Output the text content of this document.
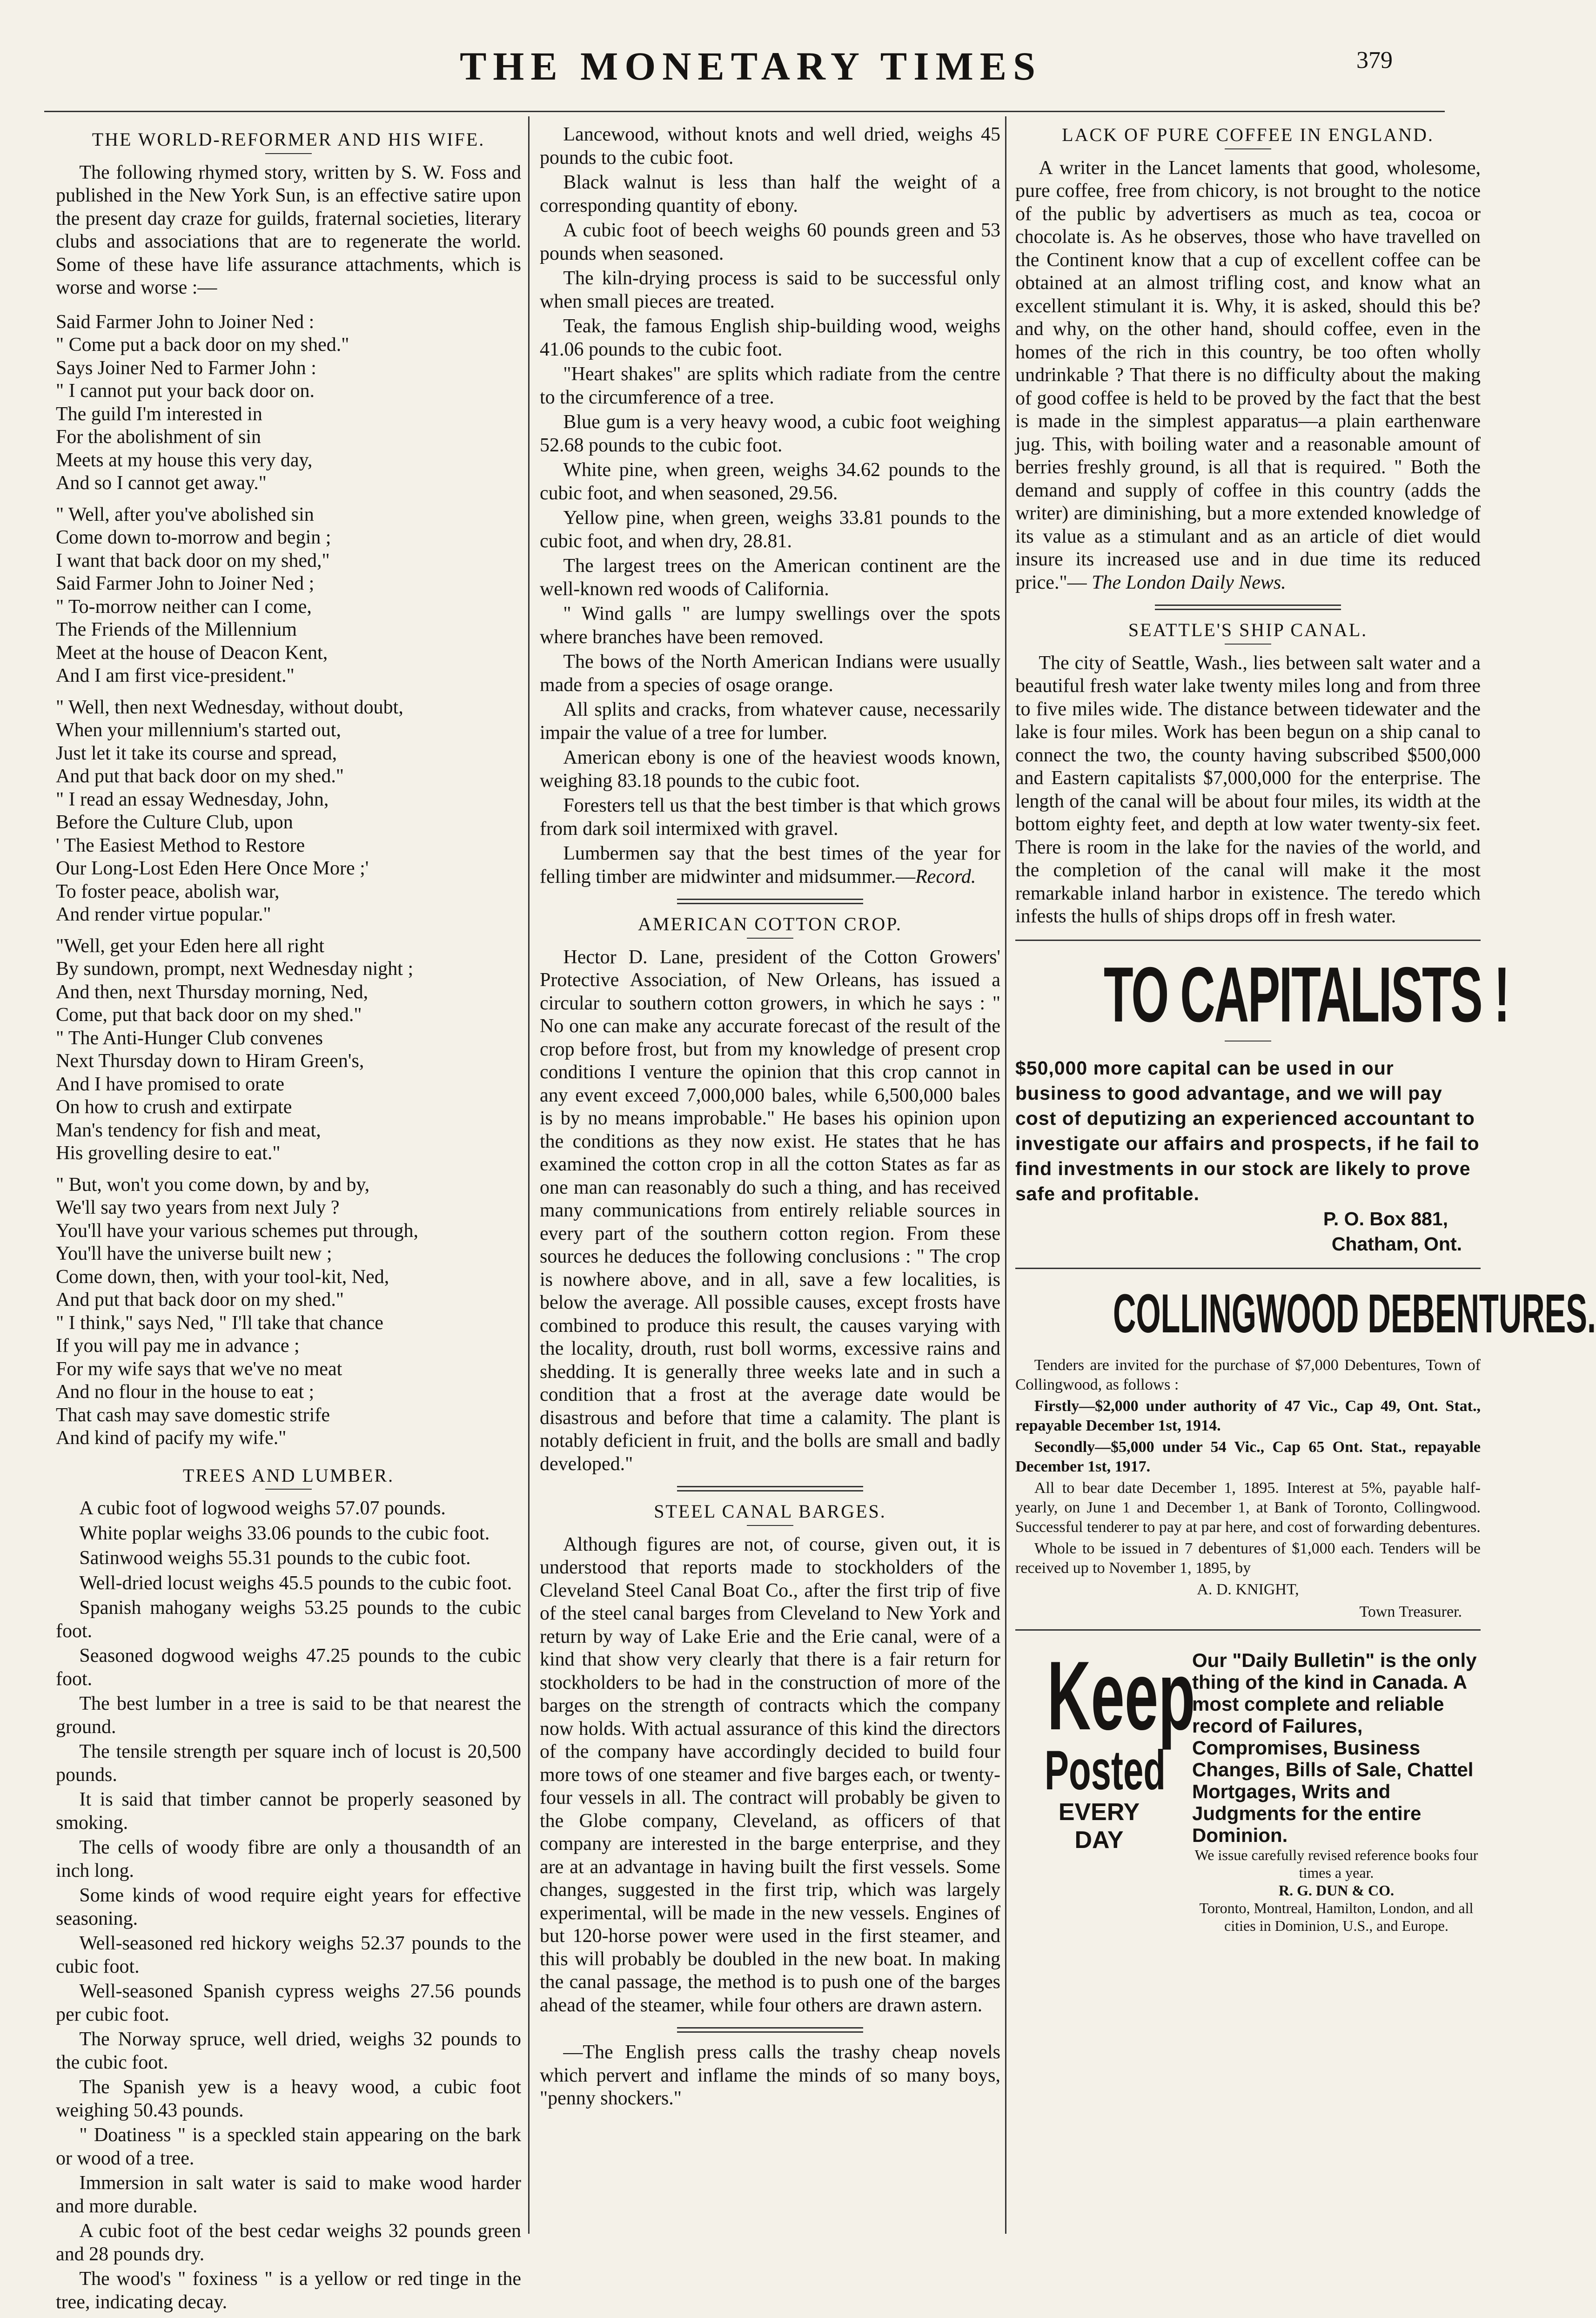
THE MONETARY TIMES	379
THE WORLD-REFORMER AND HIS WIFE.

The following rhymed story, written by S. W. Foss and published in the New York Sun, is an effective satire upon the present day craze for guilds, fraternal societies, literary clubs and associations that are to regenerate the world. Some of these have life assurance attachments, which is worse and worse :—

Said Farmer John to Joiner Ned :
" Come put a back door on my shed."
Says Joiner Ned to Farmer John :
" I cannot put your back door on.
The guild I'm interested in
For the abolishment of sin
Meets at my house this very day,
And so I cannot get away."
" Well, after you've abolished sin
Come down to-morrow and begin ;
I want that back door on my shed,"
Said Farmer John to Joiner Ned ;
" To-morrow neither can I come,
The Friends of the Millennium
Meet at the house of Deacon Kent,
And I am first vice-president."
" Well, then next Wednesday, without doubt,
When your millennium's started out,
Just let it take its course and spread,
And put that back door on my shed."
" I read an essay Wednesday, John,
Before the Culture Club, upon
' The Easiest Method to Restore
Our Long-Lost Eden Here Once More ;'
To foster peace, abolish war,
And render virtue popular."
"Well, get your Eden here all right
By sundown, prompt, next Wednesday night ;
And then, next Thursday morning, Ned,
Come, put that back door on my shed."
" The Anti-Hunger Club convenes
Next Thursday down to Hiram Green's,
And I have promised to orate
On how to crush and extirpate
Man's tendency for fish and meat,
His grovelling desire to eat."
" But, won't you come down, by and by,
We'll say two years from next July ?
You'll have your various schemes put through,
You'll have the universe built new ;
Come down, then, with your tool-kit, Ned,
And put that back door on my shed."
" I think," says Ned, " I'll take that chance
If you will pay me in advance ;
For my wife says that we've no meat
And no flour in the house to eat ;
That cash may save domestic strife
And kind of pacify my wife."
TREES AND LUMBER.

A cubic foot of logwood weighs 57.07 pounds.

White poplar weighs 33.06 pounds to the cubic foot.

Satinwood weighs 55.31 pounds to the cubic foot.

Well-dried locust weighs 45.5 pounds to the cubic foot.

Spanish mahogany weighs 53.25 pounds to the cubic foot.

Seasoned dogwood weighs 47.25 pounds to the cubic foot.

The best lumber in a tree is said to be that nearest the ground.

The tensile strength per square inch of locust is 20,500 pounds.

It is said that timber cannot be properly seasoned by smoking.

The cells of woody fibre are only a thousandth of an inch long.

Some kinds of wood require eight years for effective seasoning.

Well-seasoned red hickory weighs 52.37 pounds to the cubic foot.

Well-seasoned Spanish cypress weighs 27.56 pounds per cubic foot.

The Norway spruce, well dried, weighs 32 pounds to the cubic foot.

The Spanish yew is a heavy wood, a cubic foot weighing 50.43 pounds.

" Doatiness " is a speckled stain appearing on the bark or wood of a tree.

Immersion in salt water is said to make wood harder and more durable.

A cubic foot of the best cedar weighs 32 pounds green and 28 pounds dry.

The wood's " foxiness " is a yellow or red tinge in the tree, indicating decay.

Lancewood, without knots and well dried, weighs 45 pounds to the cubic foot.

Black walnut is less than half the weight of a corresponding quantity of ebony.

A cubic foot of beech weighs 60 pounds green and 53 pounds when seasoned.

The kiln-drying process is said to be successful only when small pieces are treated.

Teak, the famous English ship-building wood, weighs 41.06 pounds to the cubic foot.

"Heart shakes" are splits which radiate from the centre to the circumference of a tree.

Blue gum is a very heavy wood, a cubic foot weighing 52.68 pounds to the cubic foot.

White pine, when green, weighs 34.62 pounds to the cubic foot, and when seasoned, 29.56.

Yellow pine, when green, weighs 33.81 pounds to the cubic foot, and when dry, 28.81.

The largest trees on the American continent are the well-known red woods of California.

" Wind galls " are lumpy swellings over the spots where branches have been removed.

The bows of the North American Indians were usually made from a species of osage orange.

All splits and cracks, from whatever cause, necessarily impair the value of a tree for lumber.

American ebony is one of the heaviest woods known, weighing 83.18 pounds to the cubic foot.

Foresters tell us that the best timber is that which grows from dark soil intermixed with gravel.

Lumbermen say that the best times of the year for felling timber are midwinter and midsummer.—Record.

AMERICAN COTTON CROP.

Hector D. Lane, president of the Cotton Growers' Protective Association, of New Orleans, has issued a circular to southern cotton growers, in which he says : " No one can make any accurate forecast of the result of the crop before frost, but from my knowledge of present crop conditions I venture the opinion that this crop cannot in any event exceed 7,000,000 bales, while 6,500,000 bales is by no means improbable." He bases his opinion upon the conditions as they now exist. He states that he has examined the cotton crop in all the cotton States as far as one man can reasonably do such a thing, and has received many communications from entirely reliable sources in every part of the southern cotton region. From these sources he deduces the following conclusions : " The crop is nowhere above, and in all, save a few localities, is below the average. All possible causes, except frosts have combined to produce this result, the causes varying with the locality, drouth, rust boll worms, excessive rains and shedding. It is generally three weeks late and in such a condition that a frost at the average date would be disastrous and before that time a calamity. The plant is notably deficient in fruit, and the bolls are small and badly developed."

STEEL CANAL BARGES.

Although figures are not, of course, given out, it is understood that reports made to stockholders of the Cleveland Steel Canal Boat Co., after the first trip of five of the steel canal barges from Cleveland to New York and return by way of Lake Erie and the Erie canal, were of a kind that show very clearly that there is a fair return for stockholders to be had in the construction of more of the barges on the strength of contracts which the company now holds. With actual assurance of this kind the directors of the company have accordingly decided to build four more tows of one steamer and five barges each, or twenty-four vessels in all. The contract will probably be given to the Globe company, Cleveland, as officers of that company are interested in the barge enterprise, and they are at an advantage in having built the first vessels. Some changes, suggested in the first trip, which was largely experimental, will be made in the new vessels. Engines of but 120-horse power were used in the first steamer, and this will probably be doubled in the new boat. In making the canal passage, the method is to push one of the barges ahead of the steamer, while four others are drawn astern.

—The English press calls the trashy cheap novels which pervert and inflame the minds of so many boys, "penny shockers."

LACK OF PURE COFFEE IN ENGLAND.

A writer in the Lancet laments that good, wholesome, pure coffee, free from chicory, is not brought to the notice of the public by advertisers as much as tea, cocoa or chocolate is. As he observes, those who have travelled on the Continent know that a cup of excellent coffee can be obtained at an almost trifling cost, and know what an excellent stimulant it is. Why, it is asked, should this be? and why, on the other hand, should coffee, even in the homes of the rich in this country, be too often wholly undrinkable ? That there is no difficulty about the making of good coffee is held to be proved by the fact that the best is made in the simplest apparatus—a plain earthenware jug. This, with boiling water and a reasonable amount of berries freshly ground, is all that is required. " Both the demand and supply of coffee in this country (adds the writer) are diminishing, but a more extended knowledge of its value as a stimulant and as an article of diet would insure its increased use and in due time its reduced price."— The London Daily News.

SEATTLE'S SHIP CANAL.

The city of Seattle, Wash., lies between salt water and a beautiful fresh water lake twenty miles long and from three to five miles wide. The distance between tidewater and the lake is four miles. Work has been begun on a ship canal to connect the two, the county having subscribed $500,000 and Eastern capitalists $7,000,000 for the enterprise. The length of the canal will be about four miles, its width at the bottom eighty feet, and depth at low water twenty-six feet. There is room in the lake for the navies of the world, and the completion of the canal will make it the most remarkable inland harbor in existence. The teredo which infests the hulls of ships drops off in fresh water.

TO CAPITALISTS !
$50,000 more capital can be used in our business to good advantage, and we will pay cost of deputizing an experienced accountant to investigate our affairs and prospects, if he fail to find investments in our stock are likely to prove safe and profitable.
P. O. Box 881,
Chatham, Ont.
COLLINGWOOD DEBENTURES.

Tenders are invited for the purchase of $7,000 Debentures, Town of Collingwood, as follows :

Firstly—$2,000 under authority of 47 Vic., Cap 49, Ont. Stat., repayable December 1st, 1914.

Secondly—$5,000 under 54 Vic., Cap 65 Ont. Stat., repayable December 1st, 1917.

All to bear date December 1, 1895. Interest at 5%, payable half-yearly, on June 1 and December 1, at Bank of Toronto, Collingwood. Successful tenderer to pay at par here, and cost of forwarding debentures.

Whole to be issued in 7 debentures of $1,000 each. Tenders will be received up to November 1, 1895, by

A. D. KNIGHT,
Town Treasurer.
Keep
Posted
EVERY
DAY
Our "Daily Bulletin" is the only thing of the kind in Canada. A most complete and reliable record of Failures, Compromises, Business Changes, Bills of Sale, Chattel Mortgages, Writs and Judgments for the entire Dominion.
We issue carefully revised reference books four times a year.
R. G. DUN & CO.
Toronto, Montreal, Hamilton, London, and all cities in Dominion, U.S., and Europe.
